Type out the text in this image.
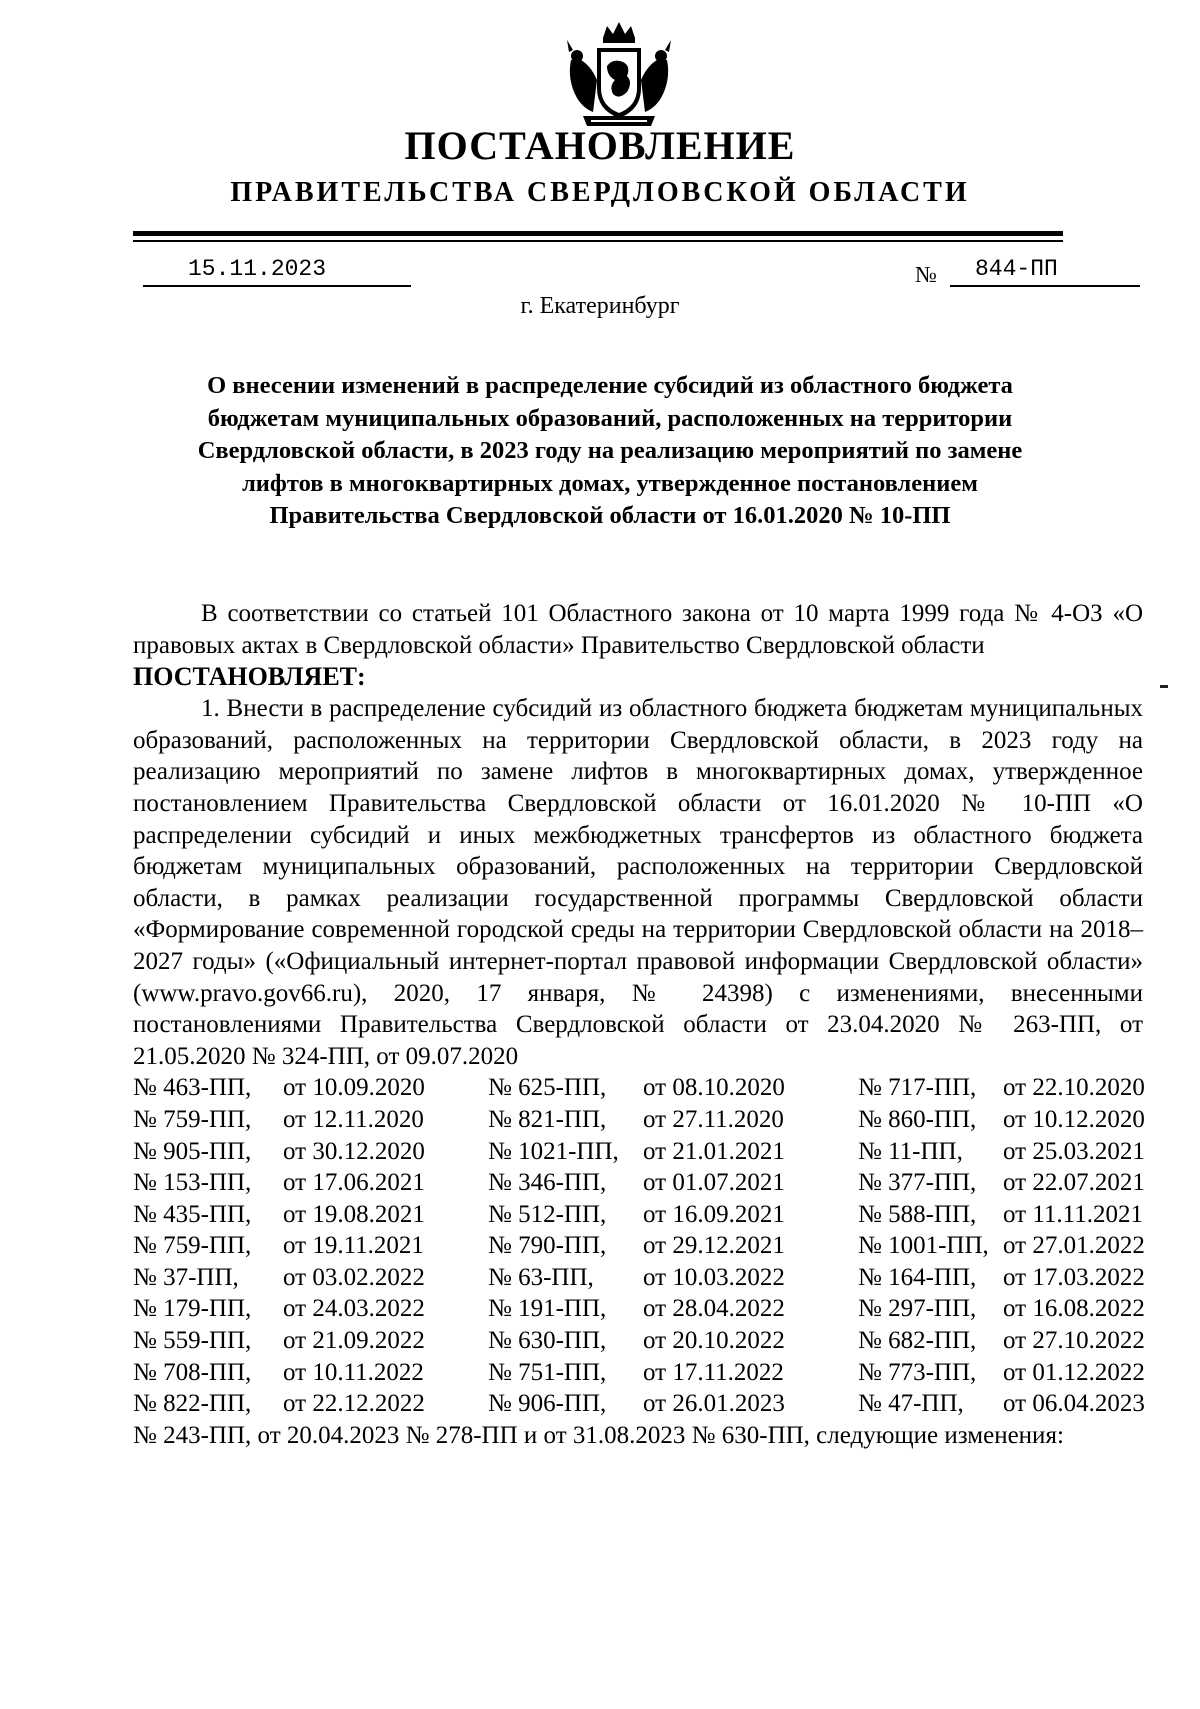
ПОСТАНОВЛЕНИЕ
ПРАВИТЕЛЬСТВА СВЕРДЛОВСКОЙ ОБЛАСТИ
15.11.2023	№	844-ПП
г. Екатеринбург
О внесении изменений в распределение субсидий из областного бюджета
бюджетам муниципальных образований, расположенных на территории
Свердловской области, в 2023 году на реализацию мероприятий по замене
лифтов в многоквартирных домах, утвержденное постановлением
Правительства Свердловской области от 16.01.2020 № 10-ПП

В соответствии со статьей 101 Областного закона от 10 марта 1999 года № 4-ОЗ «О правовых актах в Свердловской области» Правительство Свердловской области

ПОСТАНОВЛЯЕТ:

1. Внести в распределение субсидий из областного бюджета бюджетам муниципальных образований, расположенных на территории Свердловской области, в 2023 году на реализацию мероприятий по замене лифтов в многоквартирных домах, утвержденное постановлением Правительства Свердловской области от 16.01.2020 № 10-ПП «О распределении субсидий и иных межбюджетных трансфертов из областного бюджета бюджетам муниципальных образований, расположенных на территории Свердловской области, в рамках реализации государственной программы Свердловской области «Формирование современной городской среды на территории Свердловской области на 2018–2027 годы» («Официальный интернет-портал правовой информации Свердловской области» (www.pravo.gov66.ru), 2020, 17 января, № 24398) с изменениями, внесенными постановлениями Правительства Свердловской области от 23.04.2020 № 263-ПП, от 21.05.2020 № 324-ПП, от 09.07.2020

№ 463-ПП,	от 10.09.2020	№ 625-ПП,	от 08.10.2020	№ 717-ПП,	от 22.10.2020
№ 759-ПП,	от 12.11.2020	№ 821-ПП,	от 27.11.2020	№ 860-ПП,	от 10.12.2020
№ 905-ПП,	от 30.12.2020	№ 1021-ПП, от 21.01.2021	№ 11-ПП,	от 25.03.2021
№ 153-ПП,	от 17.06.2021	№ 346-ПП,	от 01.07.2021	№ 377-ПП,	от 22.07.2021
№ 435-ПП,	от 19.08.2021	№ 512-ПП,	от 16.09.2021	№ 588-ПП,	от 11.11.2021
№ 759-ПП,	от 19.11.2021	№ 790-ПП,	от 29.12.2021	№ 1001-ПП, от 27.01.2022
№ 37-ПП,	от 03.02.2022	№ 63-ПП,	от 10.03.2022	№ 164-ПП,	от 17.03.2022
№ 179-ПП,	от 24.03.2022	№ 191-ПП,	от 28.04.2022	№ 297-ПП,	от 16.08.2022
№ 559-ПП,	от 21.09.2022	№ 630-ПП,	от 20.10.2022	№ 682-ПП,	от 27.10.2022
№ 708-ПП,	от 10.11.2022	№ 751-ПП,	от 17.11.2022	№ 773-ПП,	от 01.12.2022
№ 822-ПП,	от 22.12.2022	№ 906-ПП,	от 26.01.2023	№ 47-ПП,	от 06.04.2023

№ 243-ПП, от 20.04.2023 № 278-ПП и от 31.08.2023 № 630-ПП, следующие изменения:
